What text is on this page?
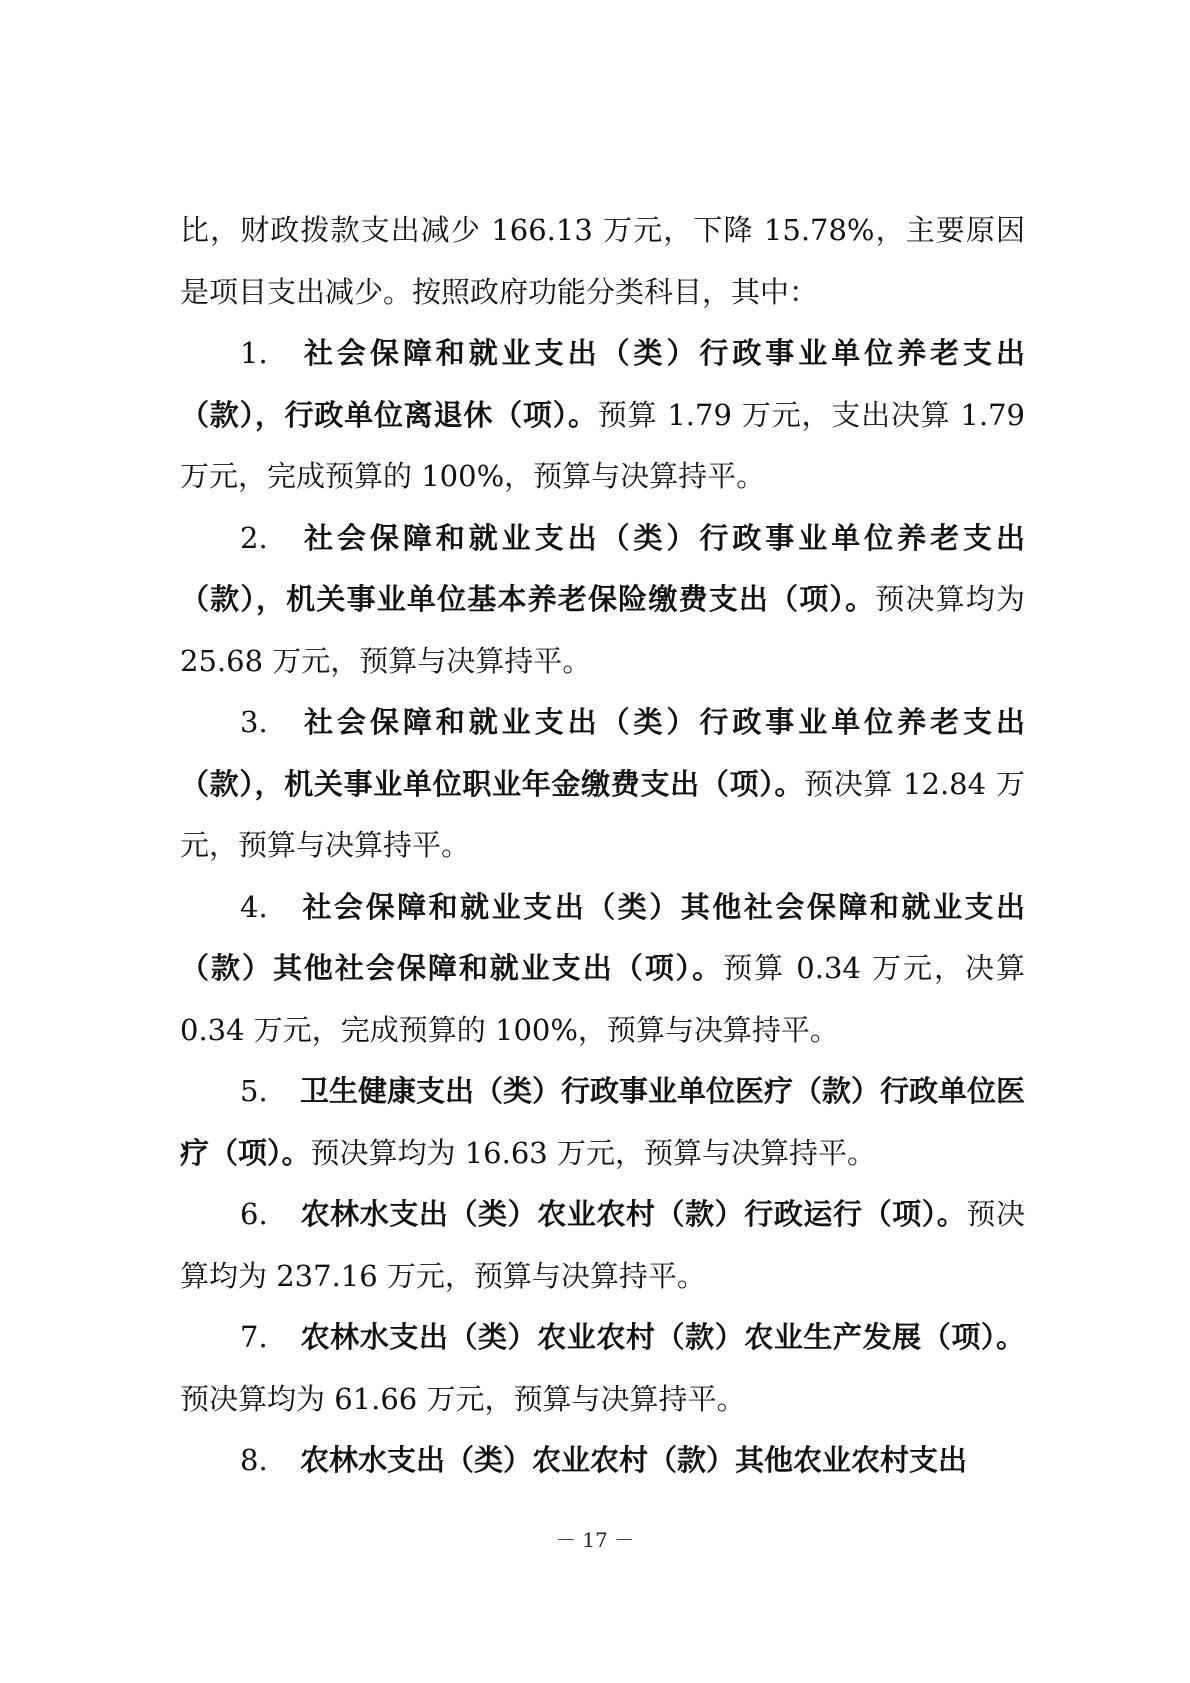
比，财政拨款支出减少 166.13 万元，下降 15.78%，主要原因是项目支出减少。按照政府功能分类科目，其中：

1. 社会保障和就业支出（类）行政事业单位养老支出（款），行政单位离退休（项）。预算 1.79 万元，支出决算 1.79 万元，完成预算的 100%，预算与决算持平。

2. 社会保障和就业支出（类）行政事业单位养老支出（款），机关事业单位基本养老保险缴费支出（项）。预决算均为 25.68 万元，预算与决算持平。

3. 社会保障和就业支出（类）行政事业单位养老支出（款），机关事业单位职业年金缴费支出（项）。预决算 12.84 万元，预算与决算持平。

4. 社会保障和就业支出（类）其他社会保障和就业支出（款）其他社会保障和就业支出（项）。预算 0.34 万元，决算 0.34 万元，完成预算的 100%，预算与决算持平。

5. 卫生健康支出（类）行政事业单位医疗（款）行政单位医疗（项）。预决算均为 16.63 万元，预算与决算持平。

6. 农林水支出（类）农业农村（款）行政运行（项）。预决算均为 237.16 万元，预算与决算持平。

7. 农林水支出（类）农业农村（款）农业生产发展（项）。预决算均为 61.66 万元，预算与决算持平。

8. 农林水支出（类）农业农村（款）其他农业农村支出

－ 17 －
